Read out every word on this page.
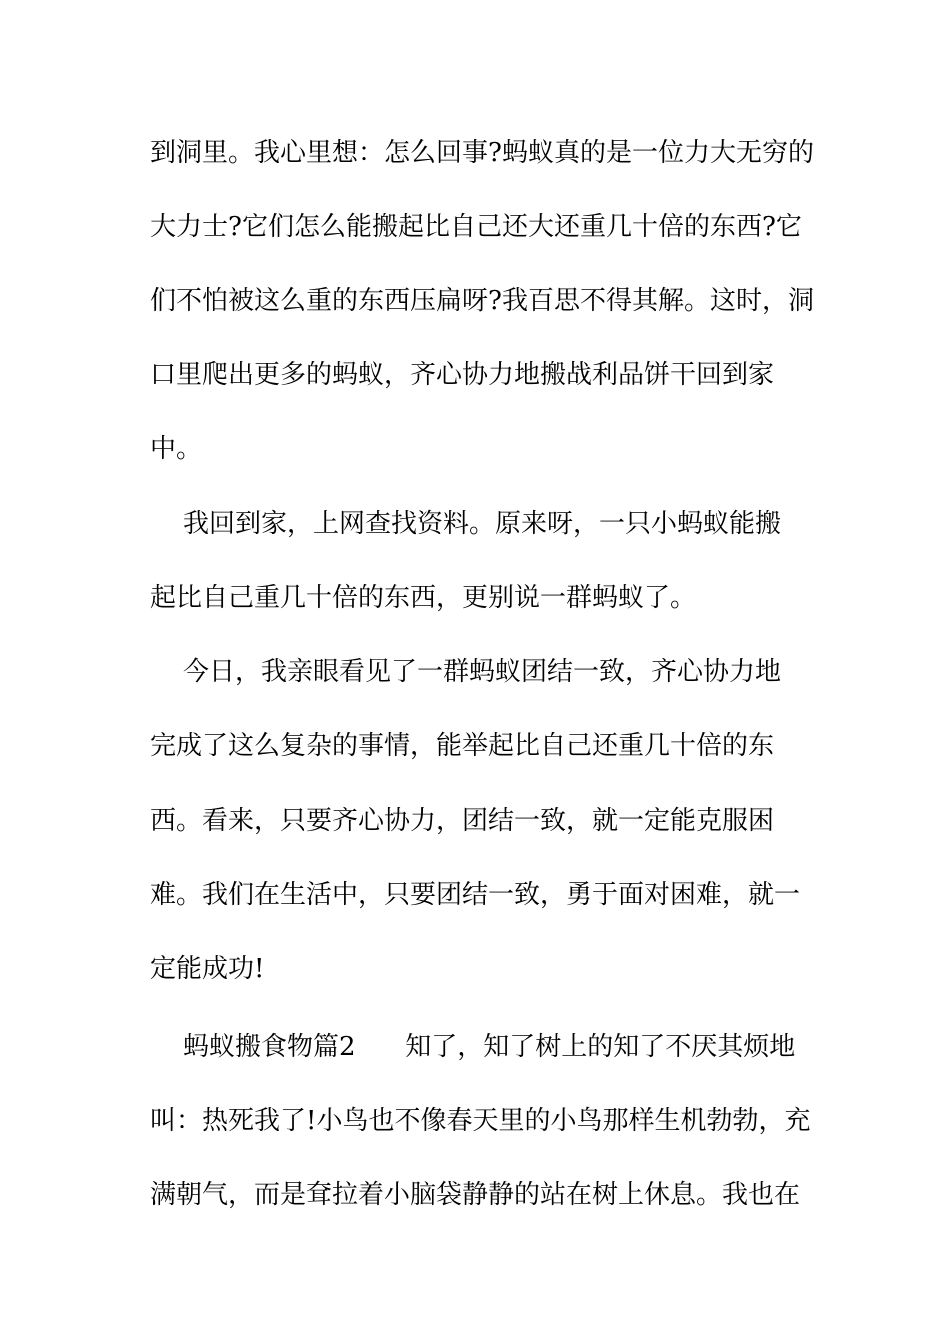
到洞里。我心里想：怎么回事?蚂蚁真的是一位力大无穷的
大力士?它们怎么能搬起比自己还大还重几十倍的东西?它
们不怕被这么重的东西压扁呀?我百思不得其解。这时，洞
口里爬出更多的蚂蚁，齐心协力地搬战利品饼干回到家
中。
我回到家，上网查找资料。原来呀，一只小蚂蚁能搬
起比自己重几十倍的东西，更别说一群蚂蚁了。
今日，我亲眼看见了一群蚂蚁团结一致，齐心协力地
完成了这么复杂的事情，能举起比自己还重几十倍的东
西。看来，只要齐心协力，团结一致，就一定能克服困
难。我们在生活中，只要团结一致，勇于面对困难，就一
定能成功!
蚂蚁搬食物篇2      知了，知了树上的知了不厌其烦地
叫：热死我了!小鸟也不像春天里的小鸟那样生机勃勃，充
满朝气，而是耷拉着小脑袋静静的站在树上休息。我也在
